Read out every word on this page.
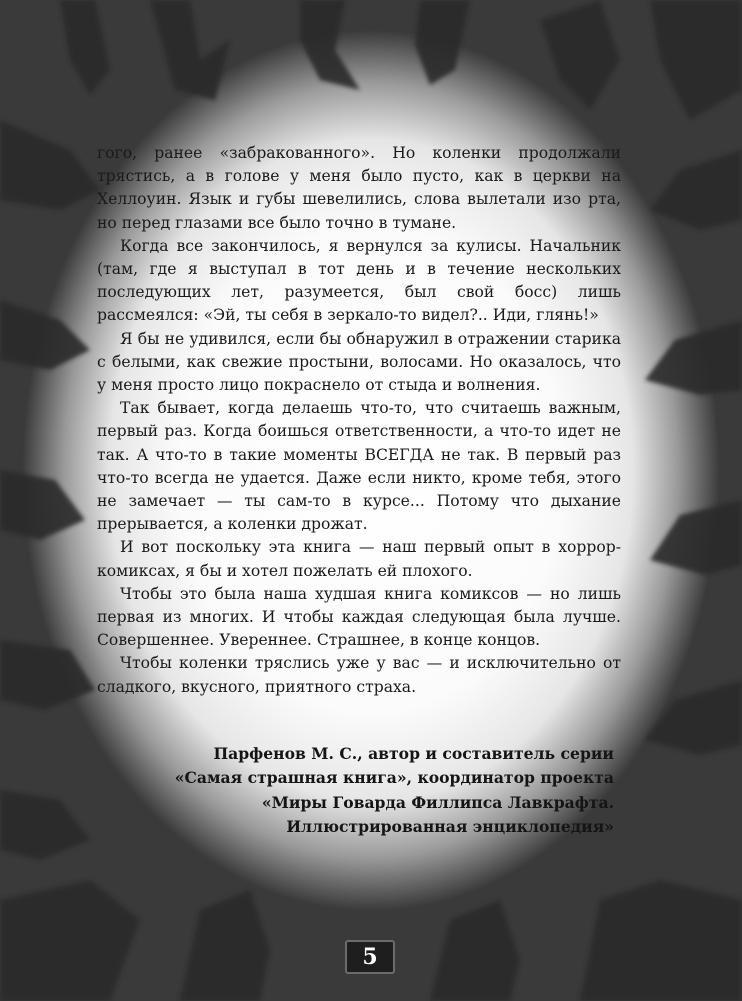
гого, ранее «забракованного». Но коленки продолжали трястись, а в голове у меня было пусто, как в церкви на Хеллоуин. Язык и губы шевелились, слова вылетали изо рта, но перед глазами все было точно в тумане.

Когда все закончилось, я вернулся за кулисы. Начальник (там, где я выступал в тот день и в течение нескольких последующих лет, разумеется, был свой босс) лишь рассмеялся: «Эй, ты себя в зеркало-то видел?.. Иди, глянь!»

Я бы не удивился, если бы обнаружил в отражении старика с белыми, как свежие простыни, волосами. Но оказалось, что у меня просто лицо покраснело от стыда и волнения.

Так бывает, когда делаешь что-то, что считаешь важным, первый раз. Когда боишься ответственности, а что-то идет не так. А что-то в такие моменты ВСЕГДА не так. В первый раз что-то всегда не удается. Даже если никто, кроме тебя, этого не замечает — ты сам-то в курсе... Потому что дыхание прерывается, а коленки дрожат.

И вот поскольку эта книга — наш первый опыт в хоррор-комиксах, я бы и хотел пожелать ей плохого.

Чтобы это была наша худшая книга комиксов — но лишь первая из многих. И чтобы каждая следующая была лучше. Совершеннее. Увереннее. Страшнее, в конце концов.

Чтобы коленки тряслись уже у вас — и исключительно от сладкого, вкусного, приятного страха.

Парфенов М. С., автор и составитель серии
«Самая страшная книга», координатор проекта
«Миры Говарда Филлипса Лавкрафта.
Иллюстрированная энциклопедия»
5
